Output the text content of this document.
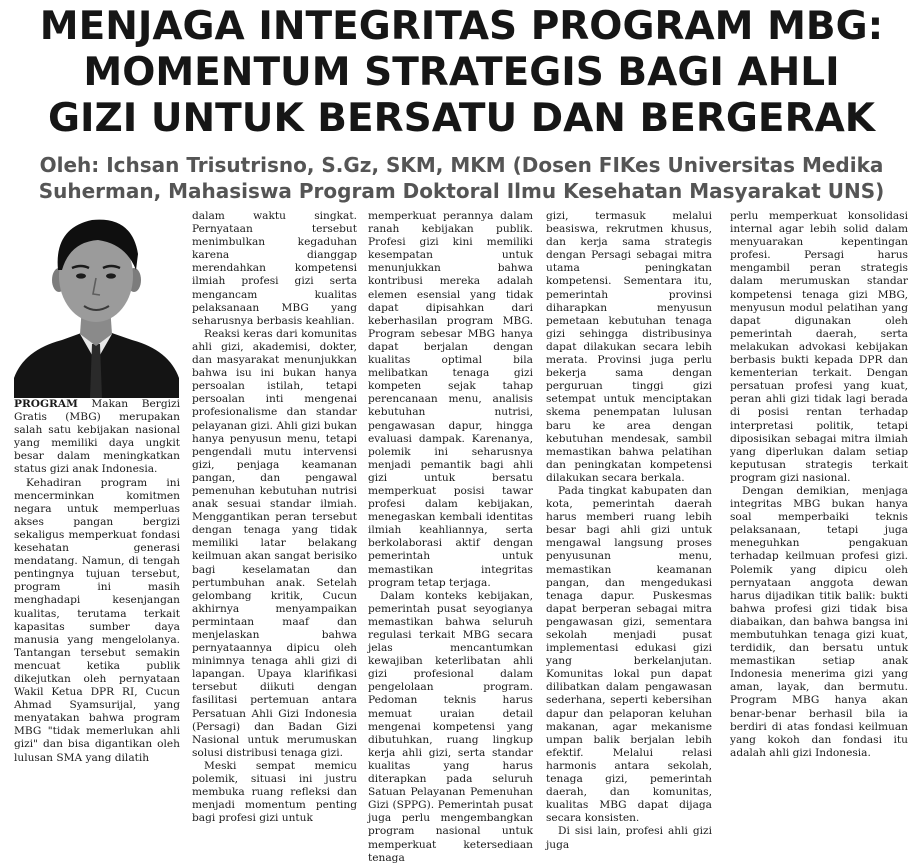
MENJAGA INTEGRITAS PROGRAM MBG:
MOMENTUM STRATEGIS BAGI AHLI
GIZI UNTUK BERSATU DAN BERGERAK
Oleh: Ichsan Trisutrisno, S.Gz, SKM, MKM (Dosen FIKes Universitas Medika
Suherman, Mahasiswa Program Doktoral Ilmu Kesehatan Masyarakat UNS)

PROGRAM Makan Bergizi Gratis (MBG) merupakan salah satu kebijakan nasional yang memiliki daya ungkit besar dalam meningkatkan status gizi anak Indonesia.

Kehadiran program ini mencerminkan komitmen negara untuk memperluas akses pangan bergizi sekaligus memperkuat fondasi kesehatan generasi mendatang. Namun, di tengah pentingnya tujuan tersebut, program ini masih menghadapi kesenjangan kualitas, terutama terkait kapasitas sumber daya manusia yang mengelolanya. Tantangan tersebut semakin mencuat ketika publik dikejutkan oleh pernyataan Wakil Ketua DPR RI, Cucun Ahmad Syamsurijal, yang menyatakan bahwa program MBG "tidak memerlukan ahli gizi" dan bisa digantikan oleh lulusan SMA yang dilatih

dalam waktu singkat. Pernyataan tersebut menimbulkan kegaduhan karena dianggap merendahkan kompetensi ilmiah profesi gizi serta mengancam kualitas pelaksanaan MBG yang seharusnya berbasis keahlian.

Reaksi keras dari komunitas ahli gizi, akademisi, dokter, dan masyarakat menunjukkan bahwa isu ini bukan hanya persoalan istilah, tetapi persoalan inti mengenai profesionalisme dan standar pelayanan gizi. Ahli gizi bukan hanya penyusun menu, tetapi pengendali mutu intervensi gizi, penjaga keamanan pangan, dan pengawal pemenuhan kebutuhan nutrisi anak sesuai standar ilmiah. Menggantikan peran tersebut dengan tenaga yang tidak memiliki latar belakang keilmuan akan sangat berisiko bagi keselamatan dan pertumbuhan anak. Setelah gelombang kritik, Cucun akhirnya menyampaikan permintaan maaf dan menjelaskan bahwa pernyataannya dipicu oleh minimnya tenaga ahli gizi di lapangan. Upaya klarifikasi tersebut diikuti dengan fasilitasi pertemuan antara Persatuan Ahli Gizi Indonesia (Persagi) dan Badan Gizi Nasional untuk merumuskan solusi distribusi tenaga gizi.

Meski sempat memicu polemik, situasi ini justru membuka ruang refleksi dan menjadi momentum penting bagi profesi gizi untuk

memperkuat perannya dalam ranah kebijakan publik. Profesi gizi kini memiliki kesempatan untuk menunjukkan bahwa kontribusi mereka adalah elemen esensial yang tidak dapat dipisahkan dari keberhasilan program MBG. Program sebesar MBG hanya dapat berjalan dengan kualitas optimal bila melibatkan tenaga gizi kompeten sejak tahap perencanaan menu, analisis kebutuhan nutrisi, pengawasan dapur, hingga evaluasi dampak. Karenanya, polemik ini seharusnya menjadi pemantik bagi ahli gizi untuk bersatu memperkuat posisi tawar profesi dalam kebijakan, menegaskan kembali identitas ilmiah keahliannya, serta berkolaborasi aktif dengan pemerintah untuk memastikan integritas program tetap terjaga.

Dalam konteks kebijakan, pemerintah pusat seyogianya memastikan bahwa seluruh regulasi terkait MBG secara jelas mencantumkan kewajiban keterlibatan ahli gizi profesional dalam pengelolaan program. Pedoman teknis harus memuat uraian detail mengenai kompetensi yang dibutuhkan, ruang lingkup kerja ahli gizi, serta standar kualitas yang harus diterapkan pada seluruh Satuan Pelayanan Pemenuhan Gizi (SPPG). Pemerintah pusat juga perlu mengembangkan program nasional untuk memperkuat ketersediaan tenaga

gizi, termasuk melalui beasiswa, rekrutmen khusus, dan kerja sama strategis dengan Persagi sebagai mitra utama peningkatan kompetensi. Sementara itu, pemerintah provinsi diharapkan menyusun pemetaan kebutuhan tenaga gizi sehingga distribusinya dapat dilakukan secara lebih merata. Provinsi juga perlu bekerja sama dengan perguruan tinggi gizi setempat untuk menciptakan skema penempatan lulusan baru ke area dengan kebutuhan mendesak, sambil memastikan bahwa pelatihan dan peningkatan kompetensi dilakukan secara berkala.

Pada tingkat kabupaten dan kota, pemerintah daerah harus memberi ruang lebih besar bagi ahli gizi untuk mengawal langsung proses penyusunan menu, memastikan keamanan pangan, dan mengedukasi tenaga dapur. Puskesmas dapat berperan sebagai mitra pengawasan gizi, sementara sekolah menjadi pusat implementasi edukasi gizi yang berkelanjutan. Komunitas lokal pun dapat dilibatkan dalam pengawasan sederhana, seperti kebersihan dapur dan pelaporan keluhan makanan, agar mekanisme umpan balik berjalan lebih efektif. Melalui relasi harmonis antara sekolah, tenaga gizi, pemerintah daerah, dan komunitas, kualitas MBG dapat dijaga secara konsisten.

Di sisi lain, profesi ahli gizi juga

perlu memperkuat konsolidasi internal agar lebih solid dalam menyuarakan kepentingan profesi. Persagi harus mengambil peran strategis dalam merumuskan standar kompetensi tenaga gizi MBG, menyusun modul pelatihan yang dapat digunakan oleh pemerintah daerah, serta melakukan advokasi kebijakan berbasis bukti kepada DPR dan kementerian terkait. Dengan persatuan profesi yang kuat, peran ahli gizi tidak lagi berada di posisi rentan terhadap interpretasi politik, tetapi diposisikan sebagai mitra ilmiah yang diperlukan dalam setiap keputusan strategis terkait program gizi nasional.

Dengan demikian, menjaga integritas MBG bukan hanya soal memperbaiki teknis pelaksanaan, tetapi juga meneguhkan pengakuan terhadap keilmuan profesi gizi. Polemik yang dipicu oleh pernyataan anggota dewan harus dijadikan titik balik: bukti bahwa profesi gizi tidak bisa diabaikan, dan bahwa bangsa ini membutuhkan tenaga gizi kuat, terdidik, dan bersatu untuk memastikan setiap anak Indonesia menerima gizi yang aman, layak, dan bermutu. Program MBG hanya akan benar-benar berhasil bila ia berdiri di atas fondasi keilmuan yang kokoh dan fondasi itu adalah ahli gizi Indonesia.
